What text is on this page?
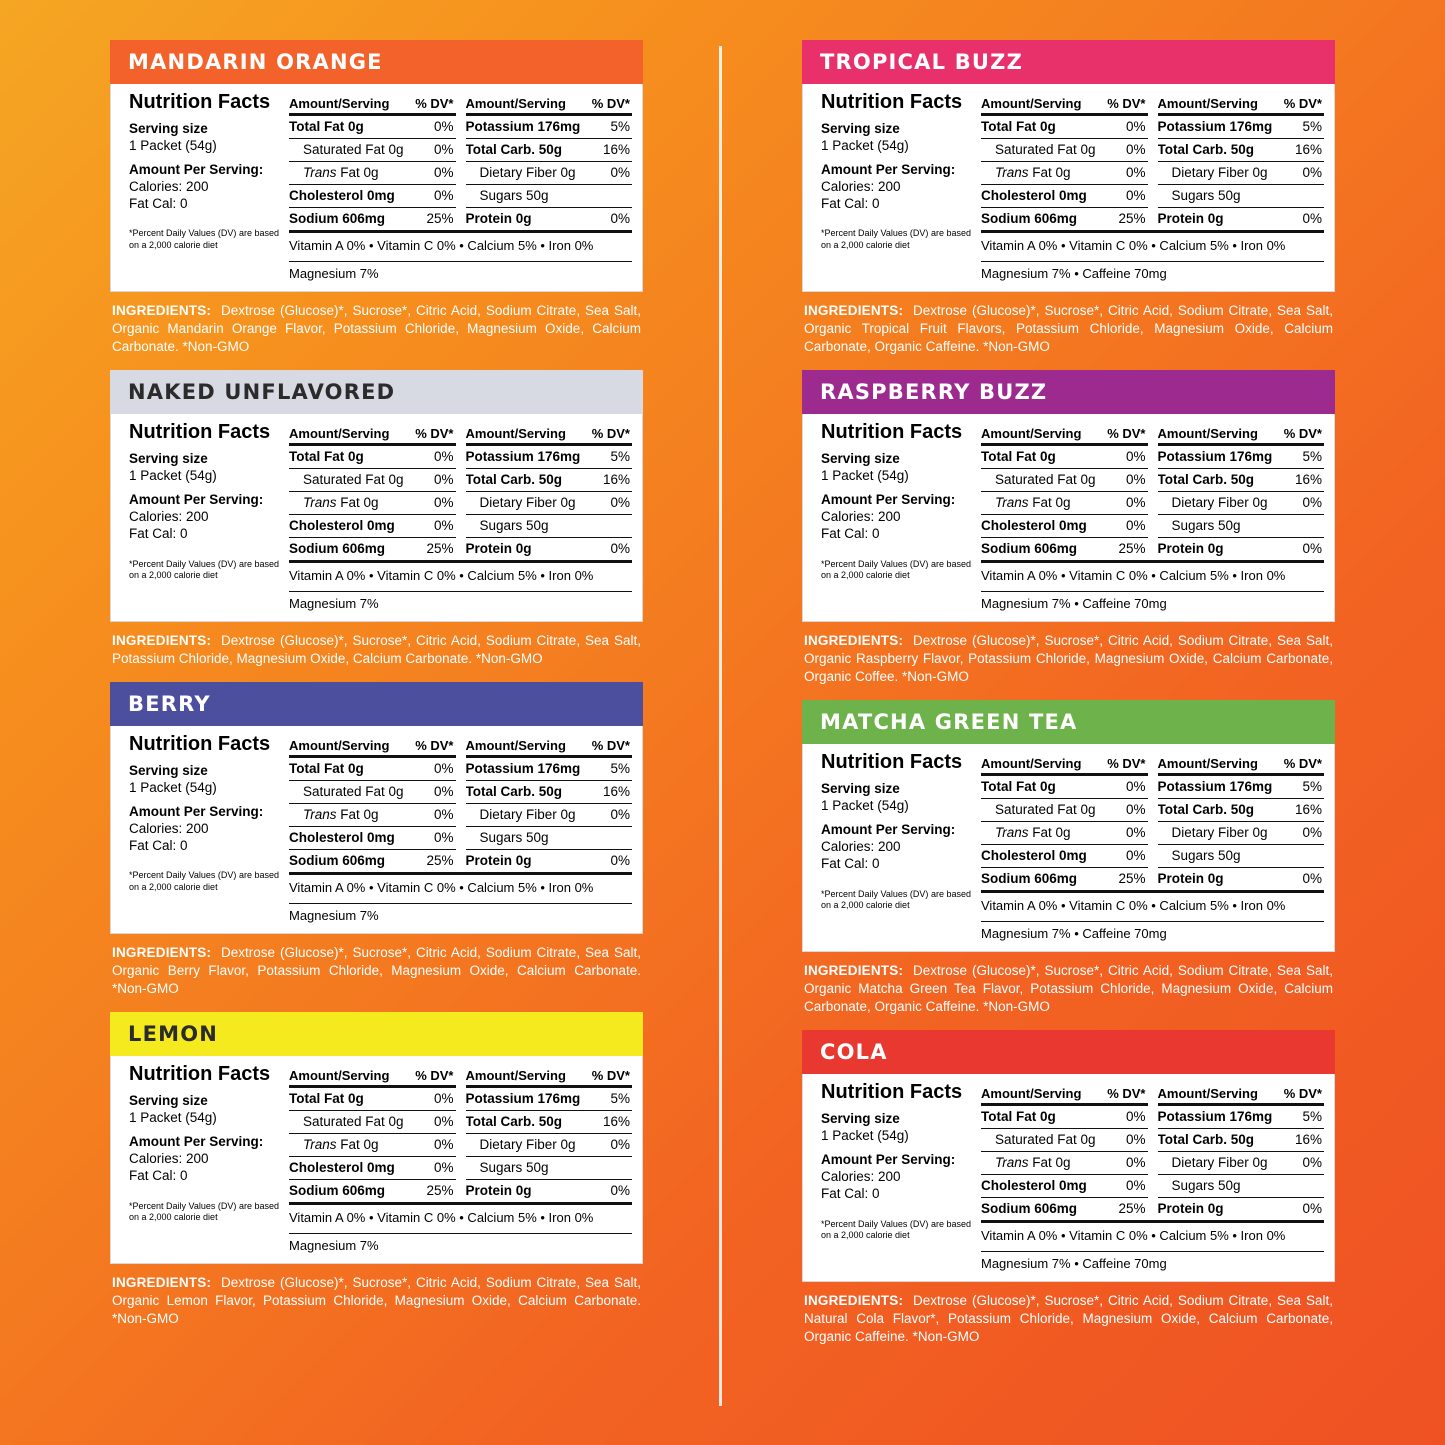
MANDARIN ORANGE
Nutrition Facts
Serving size
1 Packet (54g)
Amount Per Serving:
Calories: 200
Fat Cal: 0
*Percent Daily Values (DV) are based on a 2,000 calorie diet
Amount/Serving	% DV*
Total Fat 0g	0%
Saturated Fat 0g	0%
Trans Fat 0g	0%
Cholesterol 0mg	0%
Sodium 606mg	25%
Amount/Serving	% DV*
Potassium 176mg	5%
Total Carb. 50g	16%
Dietary Fiber 0g	0%
Sugars 50g
Protein 0g	0%
Vitamin A 0% • Vitamin C 0% • Calcium 5% • Iron 0%
Magnesium 7%
INGREDIENTS:  Dextrose (Glucose)*, Sucrose*, Citric Acid, Sodium Citrate, Sea Salt, Organic Mandarin Orange Flavor, Potassium Chloride, Magnesium Oxide, Calcium Carbonate. *Non-GMO
NAKED UNFLAVORED
Nutrition Facts
Serving size
1 Packet (54g)
Amount Per Serving:
Calories: 200
Fat Cal: 0
*Percent Daily Values (DV) are based on a 2,000 calorie diet
Amount/Serving	% DV*
Total Fat 0g	0%
Saturated Fat 0g	0%
Trans Fat 0g	0%
Cholesterol 0mg	0%
Sodium 606mg	25%
Amount/Serving	% DV*
Potassium 176mg	5%
Total Carb. 50g	16%
Dietary Fiber 0g	0%
Sugars 50g
Protein 0g	0%
Vitamin A 0% • Vitamin C 0% • Calcium 5% • Iron 0%
Magnesium 7%
INGREDIENTS:  Dextrose (Glucose)*, Sucrose*, Citric Acid, Sodium Citrate, Sea Salt, Potassium Chloride, Magnesium Oxide, Calcium Carbonate. *Non-GMO
BERRY
Nutrition Facts
Serving size
1 Packet (54g)
Amount Per Serving:
Calories: 200
Fat Cal: 0
*Percent Daily Values (DV) are based on a 2,000 calorie diet
Amount/Serving	% DV*
Total Fat 0g	0%
Saturated Fat 0g	0%
Trans Fat 0g	0%
Cholesterol 0mg	0%
Sodium 606mg	25%
Amount/Serving	% DV*
Potassium 176mg	5%
Total Carb. 50g	16%
Dietary Fiber 0g	0%
Sugars 50g
Protein 0g	0%
Vitamin A 0% • Vitamin C 0% • Calcium 5% • Iron 0%
Magnesium 7%
INGREDIENTS:  Dextrose (Glucose)*, Sucrose*, Citric Acid, Sodium Citrate, Sea Salt, Organic Berry Flavor, Potassium Chloride, Magnesium Oxide, Calcium Carbonate. *Non-GMO
LEMON
Nutrition Facts
Serving size
1 Packet (54g)
Amount Per Serving:
Calories: 200
Fat Cal: 0
*Percent Daily Values (DV) are based on a 2,000 calorie diet
Amount/Serving	% DV*
Total Fat 0g	0%
Saturated Fat 0g	0%
Trans Fat 0g	0%
Cholesterol 0mg	0%
Sodium 606mg	25%
Amount/Serving	% DV*
Potassium 176mg	5%
Total Carb. 50g	16%
Dietary Fiber 0g	0%
Sugars 50g
Protein 0g	0%
Vitamin A 0% • Vitamin C 0% • Calcium 5% • Iron 0%
Magnesium 7%
INGREDIENTS:  Dextrose (Glucose)*, Sucrose*, Citric Acid, Sodium Citrate, Sea Salt, Organic Lemon Flavor, Potassium Chloride, Magnesium Oxide, Calcium Carbonate. *Non-GMO
TROPICAL BUZZ
Nutrition Facts
Serving size
1 Packet (54g)
Amount Per Serving:
Calories: 200
Fat Cal: 0
*Percent Daily Values (DV) are based on a 2,000 calorie diet
Amount/Serving	% DV*
Total Fat 0g	0%
Saturated Fat 0g	0%
Trans Fat 0g	0%
Cholesterol 0mg	0%
Sodium 606mg	25%
Amount/Serving	% DV*
Potassium 176mg	5%
Total Carb. 50g	16%
Dietary Fiber 0g	0%
Sugars 50g
Protein 0g	0%
Vitamin A 0% • Vitamin C 0% • Calcium 5% • Iron 0%
Magnesium 7% • Caffeine 70mg
INGREDIENTS:  Dextrose (Glucose)*, Sucrose*, Citric Acid, Sodium Citrate, Sea Salt, Organic Tropical Fruit Flavors, Potassium Chloride, Magnesium Oxide, Calcium Carbonate, Organic Caffeine. *Non-GMO
RASPBERRY BUZZ
Nutrition Facts
Serving size
1 Packet (54g)
Amount Per Serving:
Calories: 200
Fat Cal: 0
*Percent Daily Values (DV) are based on a 2,000 calorie diet
Amount/Serving	% DV*
Total Fat 0g	0%
Saturated Fat 0g	0%
Trans Fat 0g	0%
Cholesterol 0mg	0%
Sodium 606mg	25%
Amount/Serving	% DV*
Potassium 176mg	5%
Total Carb. 50g	16%
Dietary Fiber 0g	0%
Sugars 50g
Protein 0g	0%
Vitamin A 0% • Vitamin C 0% • Calcium 5% • Iron 0%
Magnesium 7% • Caffeine 70mg
INGREDIENTS:  Dextrose (Glucose)*, Sucrose*, Citric Acid, Sodium Citrate, Sea Salt, Organic Raspberry Flavor, Potassium Chloride, Magnesium Oxide, Calcium Carbonate, Organic Coffee. *Non-GMO
MATCHA GREEN TEA
Nutrition Facts
Serving size
1 Packet (54g)
Amount Per Serving:
Calories: 200
Fat Cal: 0
*Percent Daily Values (DV) are based on a 2,000 calorie diet
Amount/Serving	% DV*
Total Fat 0g	0%
Saturated Fat 0g	0%
Trans Fat 0g	0%
Cholesterol 0mg	0%
Sodium 606mg	25%
Amount/Serving	% DV*
Potassium 176mg	5%
Total Carb. 50g	16%
Dietary Fiber 0g	0%
Sugars 50g
Protein 0g	0%
Vitamin A 0% • Vitamin C 0% • Calcium 5% • Iron 0%
Magnesium 7% • Caffeine 70mg
INGREDIENTS:  Dextrose (Glucose)*, Sucrose*, Citric Acid, Sodium Citrate, Sea Salt, Organic Matcha Green Tea Flavor, Potassium Chloride, Magnesium Oxide, Calcium Carbonate, Organic Caffeine. *Non-GMO
COLA
Nutrition Facts
Serving size
1 Packet (54g)
Amount Per Serving:
Calories: 200
Fat Cal: 0
*Percent Daily Values (DV) are based on a 2,000 calorie diet
Amount/Serving	% DV*
Total Fat 0g	0%
Saturated Fat 0g	0%
Trans Fat 0g	0%
Cholesterol 0mg	0%
Sodium 606mg	25%
Amount/Serving	% DV*
Potassium 176mg	5%
Total Carb. 50g	16%
Dietary Fiber 0g	0%
Sugars 50g
Protein 0g	0%
Vitamin A 0% • Vitamin C 0% • Calcium 5% • Iron 0%
Magnesium 7% • Caffeine 70mg
INGREDIENTS:  Dextrose (Glucose)*, Sucrose*, Citric Acid, Sodium Citrate, Sea Salt, Natural Cola Flavor*, Potassium Chloride, Magnesium Oxide, Calcium Carbonate, Organic Caffeine. *Non-GMO
